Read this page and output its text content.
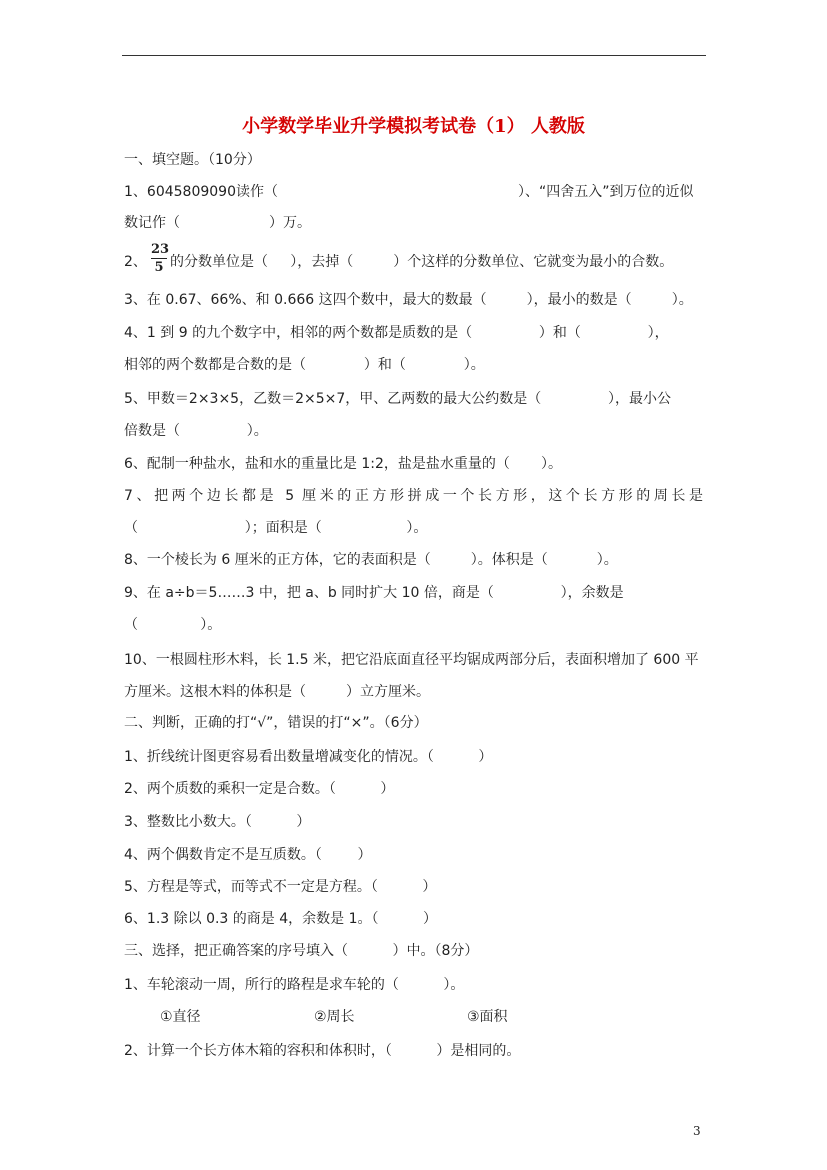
小学数学毕业升学模拟考试卷（1） 人教版
一、填空题。（10分）
1、6045809090读作（	）、“四舍五入”到万位的近似
数记作（                    ）万。
2、
23
5 的分数单位是（     ），去掉（         ）个这样的分数单位、它就变为最小的合数。
3、在 0.67、66%、和 0.666 这四个数中，最大的数最（         ），最小的数是（         ）。
4、1 到 9 的九个数字中，相邻的两个数都是质数的是（               ）和（               ），
相邻的两个数都是合数的是（             ）和（             ）。
5、甲数＝2×3×5，乙数＝2×5×7，甲、乙两数的最大公约数是（               ），最小公
倍数是（               ）。
6、配制一种盐水，盐和水的重量比是 1:2，盐是盐水重量的（       ）。
7、把两个边长都是 5 厘米的正方形拼成一个长方形，这个长方形的周长是
（                        ）；面积是（                   ）。
8、一个棱长为 6 厘米的正方体，它的表面积是（         ）。体积是（           ）。
9、在 a÷b＝5……3 中，把 a、b 同时扩大 10 倍，商是（               ），余数是
（              ）。
10、一根圆柱形木料，长 1.5 米，把它沿底面直径平均锯成两部分后，表面积增加了 600 平
方厘米。这根木料的体积是（         ）立方厘米。
二、判断，正确的打“√”，错误的打“×”。（6分）
1、折线统计图更容易看出数量增减变化的情况。（          ）
2、两个质数的乘积一定是合数。（          ）
3、整数比小数大。（          ）
4、两个偶数肯定不是互质数。（        ）
5、方程是等式，而等式不一定是方程。（          ）
6、1.3 除以 0.3 的商是 4，余数是 1。（          ）
三、选择，把正确答案的序号填入（          ）中。（8分）
1、车轮滚动一周，所行的路程是求车轮的（          ）。
①直径	②周长	③面积
2、计算一个长方体木箱的容积和体积时，（          ）是相同的。
3
